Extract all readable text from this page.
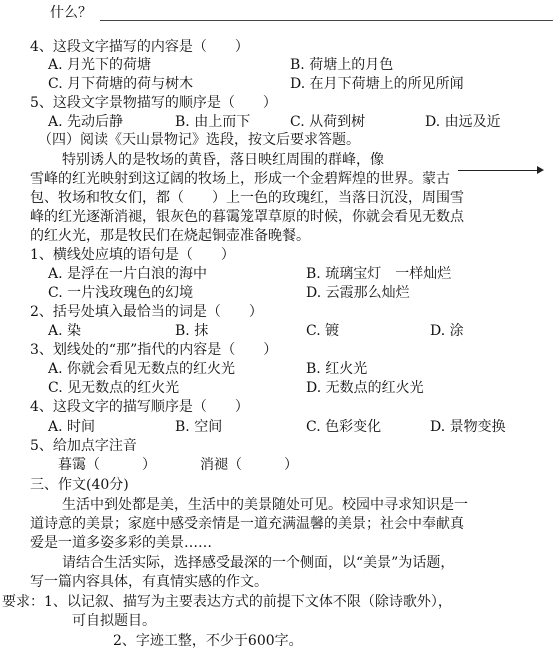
什么？
4、这段文字描写的内容是（　　）
A. 月光下的荷塘	B. 荷塘上的月色
C. 月下荷塘的荷与树木	D. 在月下荷塘上的所见所闻
5、这段文字景物描写的顺序是（　　）
A. 先动后静	B. 由上而下	C. 从荷到树	D. 由远及近
（四）阅读《天山景物记》选段，按文后要求答题。
特别诱人的是牧场的黄昏，落日映红周围的群峰，像
雪峰的红光映射到这辽阔的牧场上，形成一个金碧辉煌的世界。蒙古
包、牧场和牧女们，都（　　）上一色的玫瑰红，当落日沉没，周围雪
峰的红光逐渐消褪，银灰色的暮霭笼罩草原的时候，你就会看见无数点
的红火光，那是牧民们在烧起铜壶准备晚餐。
1、横线处应填的语句是（　　）
A. 是浮在一片白浪的海中	B. 琉璃宝灯　一样灿烂
C. 一片浅玫瑰色的幻境	D. 云霞那么灿烂
2、括号处填入最恰当的词是（　　）
A. 染	B. 抹	C. 镀	D. 涂
3、划线处的“那”指代的内容是（　　）
A. 你就会看见无数点的红火光	B. 红火光
C. 见无数点的红火光	D. 无数点的红火光
4、这段文字的描写顺序是（　　）
A. 时间	B. 空间	C. 色彩变化	D. 景物变换
5、给加点字注音
暮霭（　　　）	消褪（　　　）
三、作文(40分)
生活中到处都是美，生活中的美景随处可见。校园中寻求知识是一
道诗意的美景；家庭中感受亲情是一道充满温馨的美景；社会中奉献真
爱是一道多姿多彩的美景……
请结合生活实际，选择感受最深的一个侧面，以“美景”为话题，
写一篇内容具体，有真情实感的作文。
要求：1、以记叙、描写为主要表达方式的前提下文体不限（除诗歌外），
可自拟题目。
2、字迹工整，不少于600字。
